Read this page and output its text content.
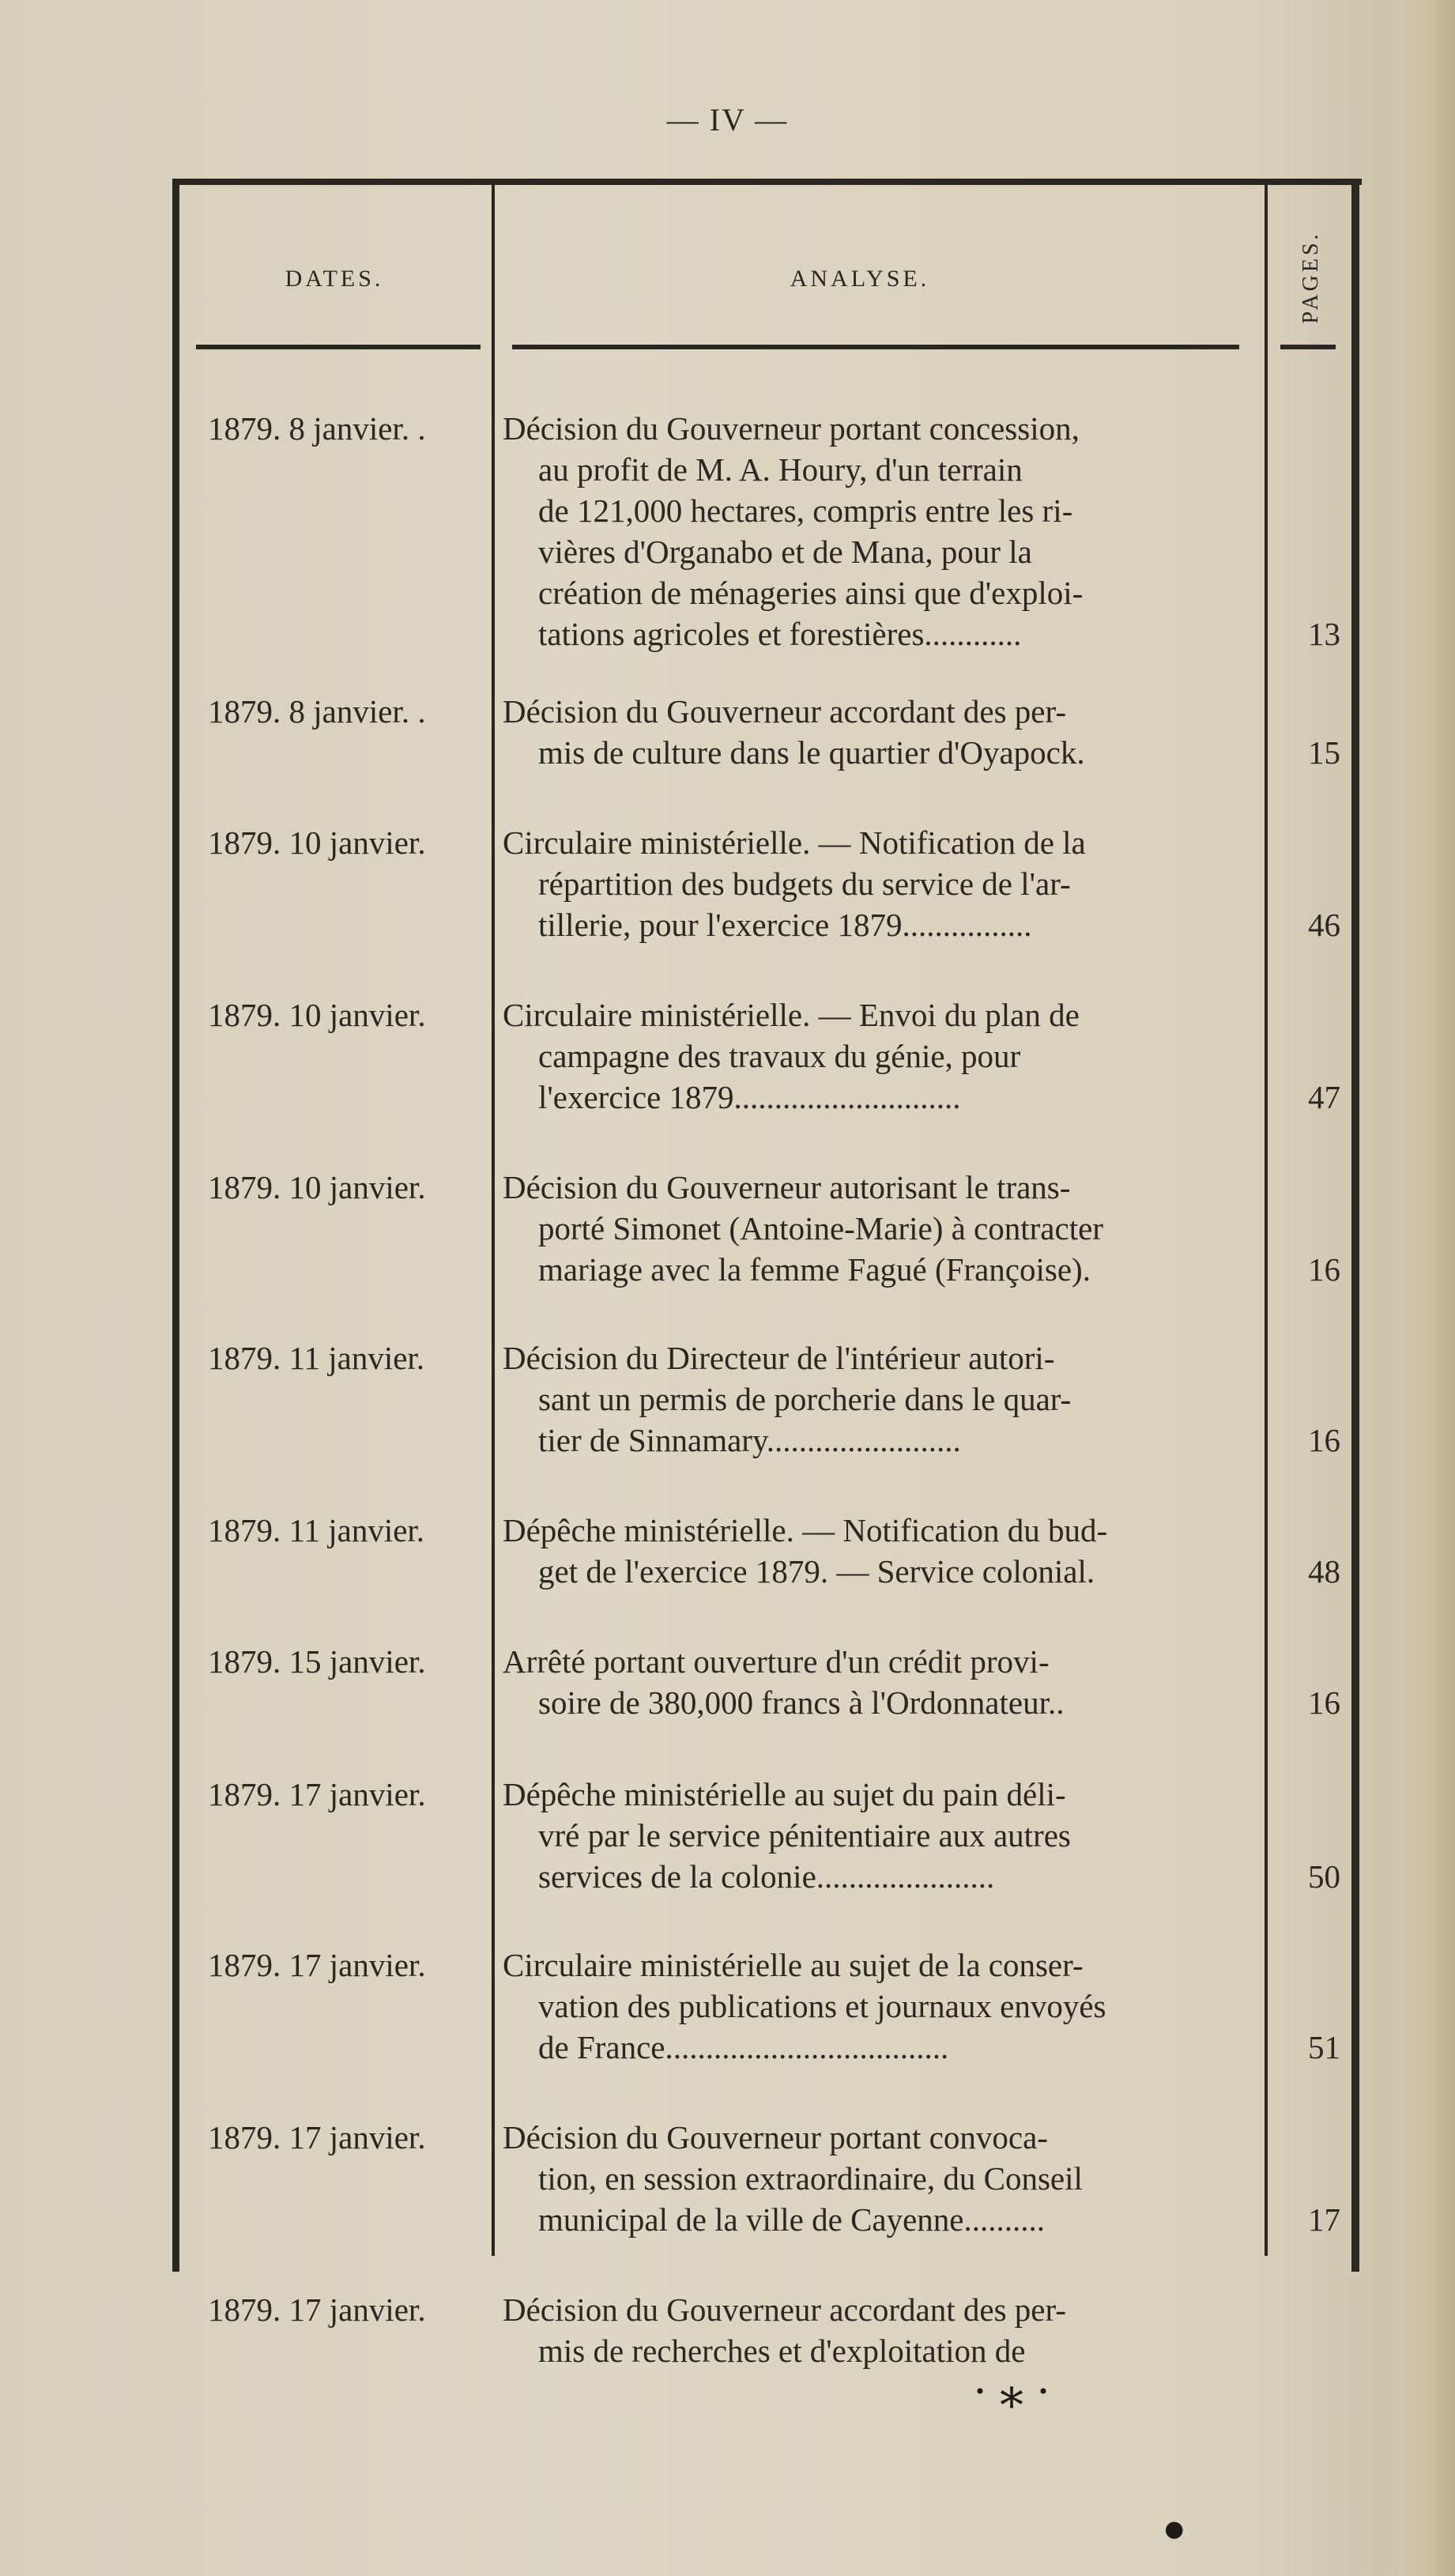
— IV —
DATES.	ANALYSE.	PAGES.
1879. 8 janvier. .	Décision du Gouverneur portant concession,
au profit de M. A. Houry, d'un terrain
de 121,000 hectares, compris entre les ri-
vières d'Organabo et de Mana, pour la
création de ménageries ainsi que d'exploi-
tations agricoles et forestières............	13
1879. 8 janvier. .	Décision du Gouverneur accordant des per-
mis de culture dans le quartier d'Oyapock.	15
1879. 10 janvier.	Circulaire ministérielle. — Notification de la
répartition des budgets du service de l'ar-
tillerie, pour l'exercice 1879................	46
1879. 10 janvier.	Circulaire ministérielle. — Envoi du plan de
campagne des travaux du génie, pour
l'exercice 1879............................	47
1879. 10 janvier.	Décision du Gouverneur autorisant le trans-
porté Simonet (Antoine-Marie) à contracter
mariage avec la femme Fagué (Françoise).	16
1879. 11 janvier.	Décision du Directeur de l'intérieur autori-
sant un permis de porcherie dans le quar-
tier de Sinnamary........................	16
1879. 11 janvier.	Dépêche ministérielle. — Notification du bud-
get de l'exercice 1879. — Service colonial.	48
1879. 15 janvier.	Arrêté portant ouverture d'un crédit provi-
soire de 380,000 francs à l'Ordonnateur..	16
1879. 17 janvier.	Dépêche ministérielle au sujet du pain déli-
vré par le service pénitentiaire aux autres
services de la colonie......................	50
1879. 17 janvier.	Circulaire ministérielle au sujet de la conser-
vation des publications et journaux envoyés
de France...................................	51
1879. 17 janvier.	Décision du Gouverneur portant convoca-
tion, en session extraordinaire, du Conseil
municipal de la ville de Cayenne..........	17
1879. 17 janvier.	Décision du Gouverneur accordant des per-
mis de recherches et d'exploitation de
· ⁎ ·
•
